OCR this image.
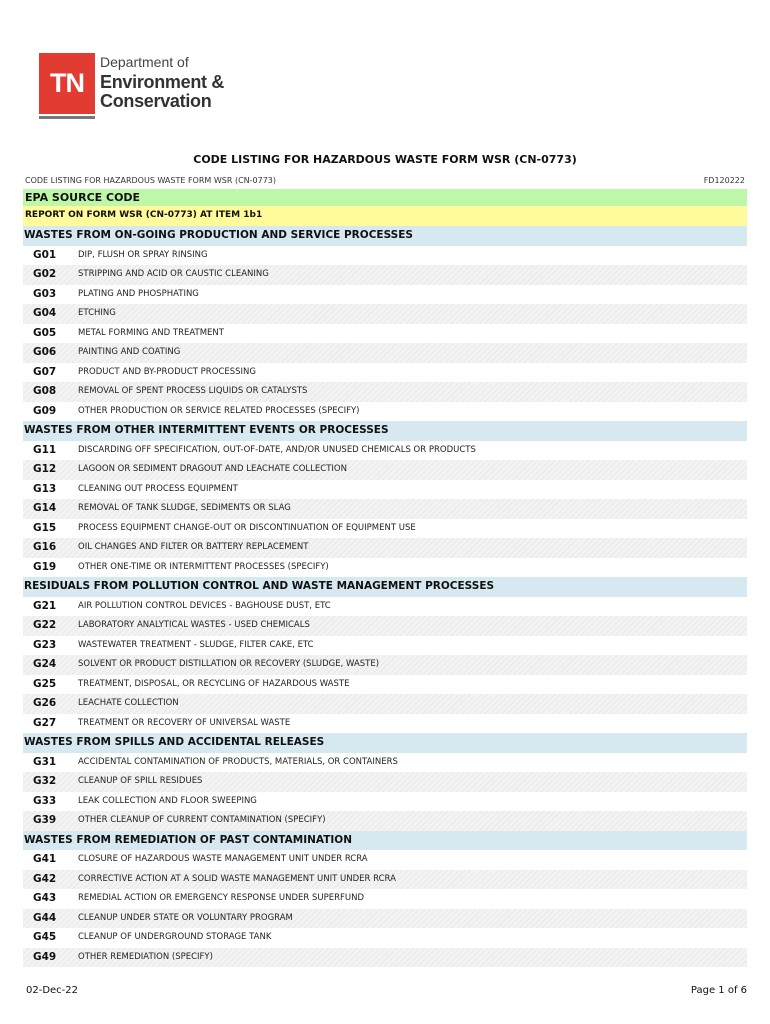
TN
Department of
Environment &
Conservation
CODE LISTING FOR HAZARDOUS WASTE FORM WSR (CN-0773)
CODE LISTING FOR HAZARDOUS WASTE FORM WSR (CN-0773)	FD120222
EPA SOURCE CODE
REPORT ON FORM WSR (CN-0773) AT ITEM 1b1
WASTES FROM ON-GOING PRODUCTION AND SERVICE PROCESSES
G01	DIP, FLUSH OR SPRAY RINSING
G02	STRIPPING AND ACID OR CAUSTIC CLEANING
G03	PLATING AND PHOSPHATING
G04	ETCHING
G05	METAL FORMING AND TREATMENT
G06	PAINTING AND COATING
G07	PRODUCT AND BY-PRODUCT PROCESSING
G08	REMOVAL OF SPENT PROCESS LIQUIDS OR CATALYSTS
G09	OTHER PRODUCTION OR SERVICE RELATED PROCESSES (SPECIFY)
WASTES FROM OTHER INTERMITTENT EVENTS OR PROCESSES
G11	DISCARDING OFF SPECIFICATION, OUT-OF-DATE, AND/OR UNUSED CHEMICALS OR PRODUCTS
G12	LAGOON OR SEDIMENT DRAGOUT AND LEACHATE COLLECTION
G13	CLEANING OUT PROCESS EQUIPMENT
G14	REMOVAL OF TANK SLUDGE, SEDIMENTS OR SLAG
G15	PROCESS EQUIPMENT CHANGE-OUT OR DISCONTINUATION OF EQUIPMENT USE
G16	OIL CHANGES AND FILTER OR BATTERY REPLACEMENT
G19	OTHER ONE-TIME OR INTERMITTENT PROCESSES (SPECIFY)
RESIDUALS FROM POLLUTION CONTROL AND WASTE MANAGEMENT PROCESSES
G21	AIR POLLUTION CONTROL DEVICES - BAGHOUSE DUST, ETC
G22	LABORATORY ANALYTICAL WASTES - USED CHEMICALS
G23	WASTEWATER TREATMENT - SLUDGE, FILTER CAKE, ETC
G24	SOLVENT OR PRODUCT DISTILLATION OR RECOVERY (SLUDGE, WASTE)
G25	TREATMENT, DISPOSAL, OR RECYCLING OF HAZARDOUS WASTE
G26	LEACHATE COLLECTION
G27	TREATMENT OR RECOVERY OF UNIVERSAL WASTE
WASTES FROM SPILLS AND ACCIDENTAL RELEASES
G31	ACCIDENTAL CONTAMINATION OF PRODUCTS, MATERIALS, OR CONTAINERS
G32	CLEANUP OF SPILL RESIDUES
G33	LEAK COLLECTION AND FLOOR SWEEPING
G39	OTHER CLEANUP OF CURRENT CONTAMINATION (SPECIFY)
WASTES FROM REMEDIATION OF PAST CONTAMINATION
G41	CLOSURE OF HAZARDOUS WASTE MANAGEMENT UNIT UNDER RCRA
G42	CORRECTIVE ACTION AT A SOLID WASTE MANAGEMENT UNIT UNDER RCRA
G43	REMEDIAL ACTION OR EMERGENCY RESPONSE UNDER SUPERFUND
G44	CLEANUP UNDER STATE OR VOLUNTARY PROGRAM
G45	CLEANUP OF UNDERGROUND STORAGE TANK
G49	OTHER REMEDIATION (SPECIFY)
02-Dec-22	Page 1 of 6
